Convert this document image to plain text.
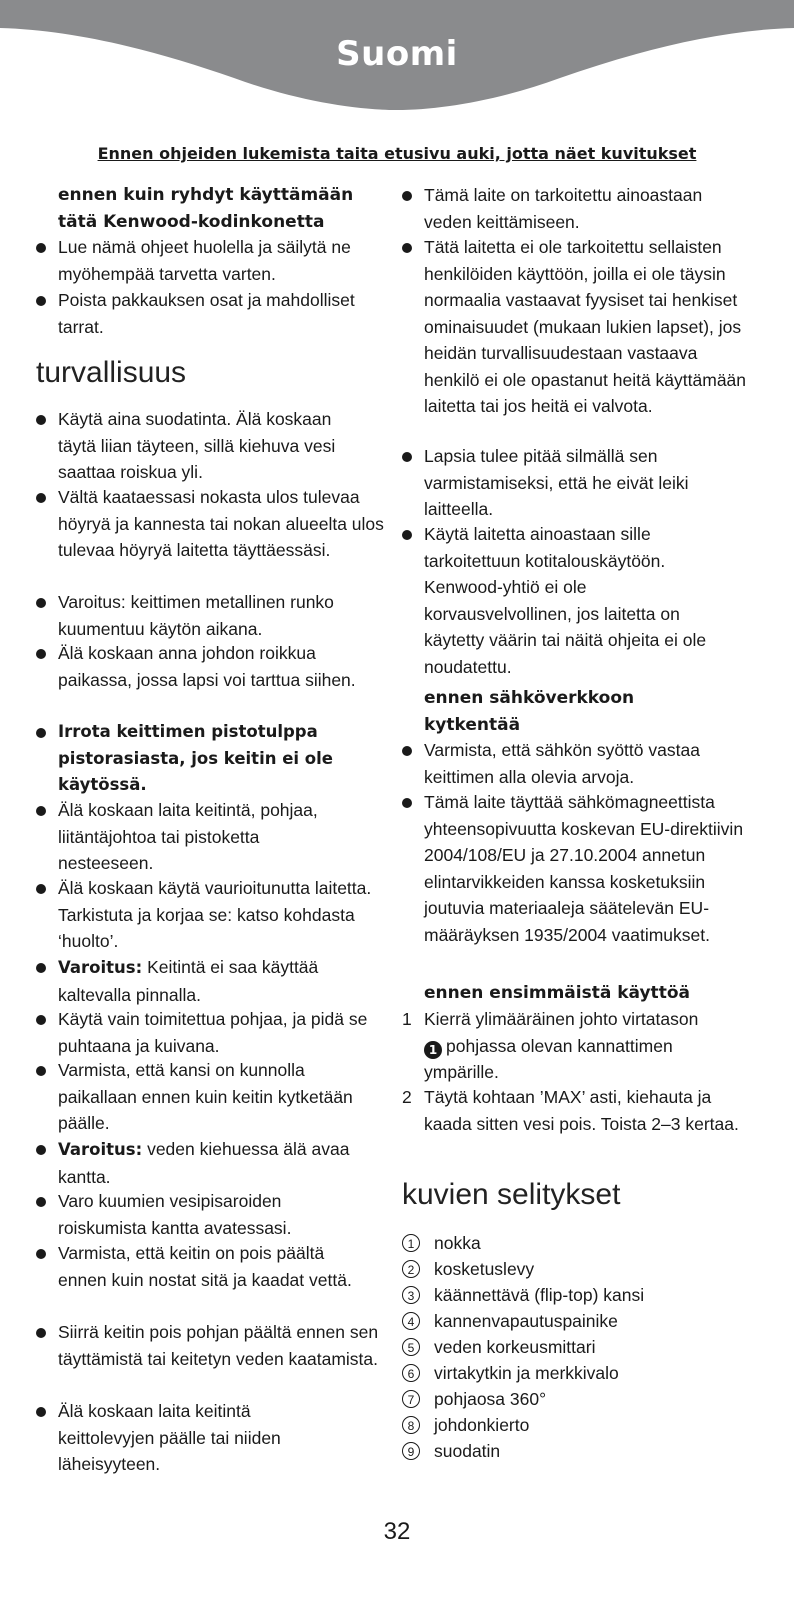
Suomi
Ennen ohjeiden lukemista taita etusivu auki, jotta näet kuvitukset

ennen kuin ryhdyt käyttämään tätä Kenwood-kodinkonetta

Lue nämä ohjeet huolella ja säilytä ne myöhempää tarvetta varten.
Poista pakkauksen osat ja mahdolliset tarrat.
turvallisuus
Käytä aina suodatinta. Älä koskaan täytä liian täyteen, sillä kiehuva vesi saattaa roiskua yli.
Vältä kaataessasi nokasta ulos tulevaa höyryä ja kannesta tai nokan alueelta ulos tulevaa höyryä laitetta täyttäessäsi.
Varoitus: keittimen metallinen runko kuumentuu käytön aikana.
Älä koskaan anna johdon roikkua paikassa, jossa lapsi voi tarttua siihen.
Irrota keittimen pistotulppa pistorasiasta, jos keitin ei ole käytössä.
Älä koskaan laita keitintä, pohjaa, liitäntäjohtoa tai pistoketta nesteeseen.
Älä koskaan käytä vaurioitunutta laitetta. Tarkistuta ja korjaa se: katso kohdasta ‘huolto’.
Varoitus: Keitintä ei saa käyttää kaltevalla pinnalla.
Käytä vain toimitettua pohjaa, ja pidä se puhtaana ja kuivana.
Varmista, että kansi on kunnolla paikallaan ennen kuin keitin kytketään päälle.
Varoitus: veden kiehuessa älä avaa kantta.
Varo kuumien vesipisaroiden roiskumista kantta avatessasi.
Varmista, että keitin on pois päältä ennen kuin nostat sitä ja kaadat vettä.
Siirrä keitin pois pohjan päältä ennen sen täyttämistä tai keitetyn veden kaatamista.
Älä koskaan laita keitintä keittolevyjen päälle tai niiden läheisyyteen.
Tämä laite on tarkoitettu ainoastaan veden keittämiseen.
Tätä laitetta ei ole tarkoitettu sellaisten henkilöiden käyttöön, joilla ei ole täysin normaalia vastaavat fyysiset tai henkiset ominaisuudet (mukaan lukien lapset), jos heidän turvallisuudestaan vastaava henkilö ei ole opastanut heitä käyttämään laitetta tai jos heitä ei valvota.
Lapsia tulee pitää silmällä sen varmistamiseksi, että he eivät leiki laitteella.
Käytä laitetta ainoastaan sille tarkoitettuun kotitalouskäytöön. Kenwood-yhtiö ei ole korvausvelvollinen, jos laitetta on käytetty väärin tai näitä ohjeita ei ole noudatettu.

ennen sähköverkkoon kytkentää

Varmista, että sähkön syöttö vastaa keittimen alla olevia arvoja.
Tämä laite täyttää sähkömagneettista yhteensopivuutta koskevan EU-direktiivin 2004/108/EU ja 27.10.2004 annetun elintarvikkeiden kanssa kosketuksiin joutuvia materiaaleja säätelevän EU-määräyksen 1935/2004 vaatimukset.

ennen ensimmäistä käyttöä

1 Kierrä ylimääräinen johto virtatason
1 pohjassa olevan kannattimen ympärille.
2 Täytä kohtaan ’MAX’ asti, kiehauta ja kaada sitten vesi pois. Toista 2–3 kertaa.
kuvien selitykset
1 nokka
2 kosketuslevy
3 käännettävä (flip-top) kansi
4 kannenvapautuspainike
5 veden korkeusmittari
6 virtakytkin ja merkkivalo
7 pohjaosa 360°
8 johdonkierto
9 suodatin
32
